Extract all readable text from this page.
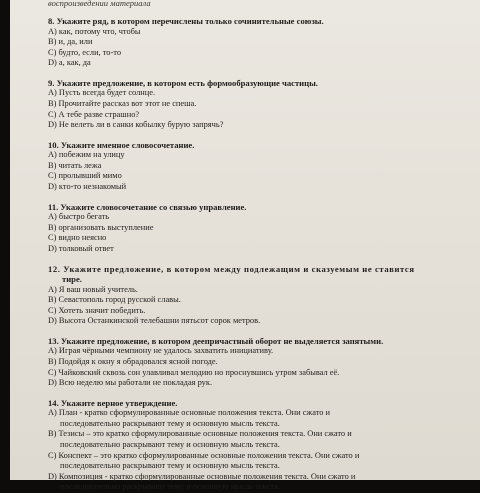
воспроизведении материала
8. Укажите ряд, в котором перечислены только сочинительные союзы.
A) как, потому что, чтобы
B) и, да, или
C) будто, если, то-то
D) а, как, да
9. Укажите предложение, в котором есть формообразующие частицы.
A) Пусть всегда будет солнце.
B) Прочитайте рассказ вот этот не спеша.
C) А тебе разве страшно?
D) Не велеть ли в санки кобылку бурую запрячь?
10. Укажите именное словосочетание.
A) побежим на улицу
B) читать лежа
C) пролывший мимо
D) кто-то незнакомый
11. Укажите словосочетание со связью управление.
A) быстро бегать
B) организовать выступление
C) видно неясно
D) толковый ответ
12. Укажите предложение, в котором между подлежащим и сказуемым не ставится
тире.
A) Я ваш новый учитель.
B) Севастополь город русской славы.
C) Хотеть значит победить.
D) Высота Останкинской телебашни пятьсот сорок метров.
13. Укажите предложение, в котором деепричастный оборот не выделяется запятыми.
A) Играя чёрными чемпиону не удалось захватить инициативу.
B) Подойдя к окну я обрадовался ясной погоде.
C) Чайковский сквозь сон улавливал мелодию но проснувшись утром забывал её.
D) Всю неделю мы работали не покладая рук.
14. Укажите верное утверждение.
A) План - кратко сформулированные основные положения текста. Они сжато и
последовательно раскрывают тему и основную мысль текста.
B) Тезисы – это кратко сформулированные основные положения текста. Они сжато и
последовательно раскрывают тему и основную мысль текста.
C) Конспект – это кратко сформулированные основные положения текста. Они сжато и
последовательно раскрывают тему и основную мысль текста.
D) Композиция - кратко сформулированные основные положения текста. Они сжато и
последовательно раскрывают тему и основную мысль текста.
